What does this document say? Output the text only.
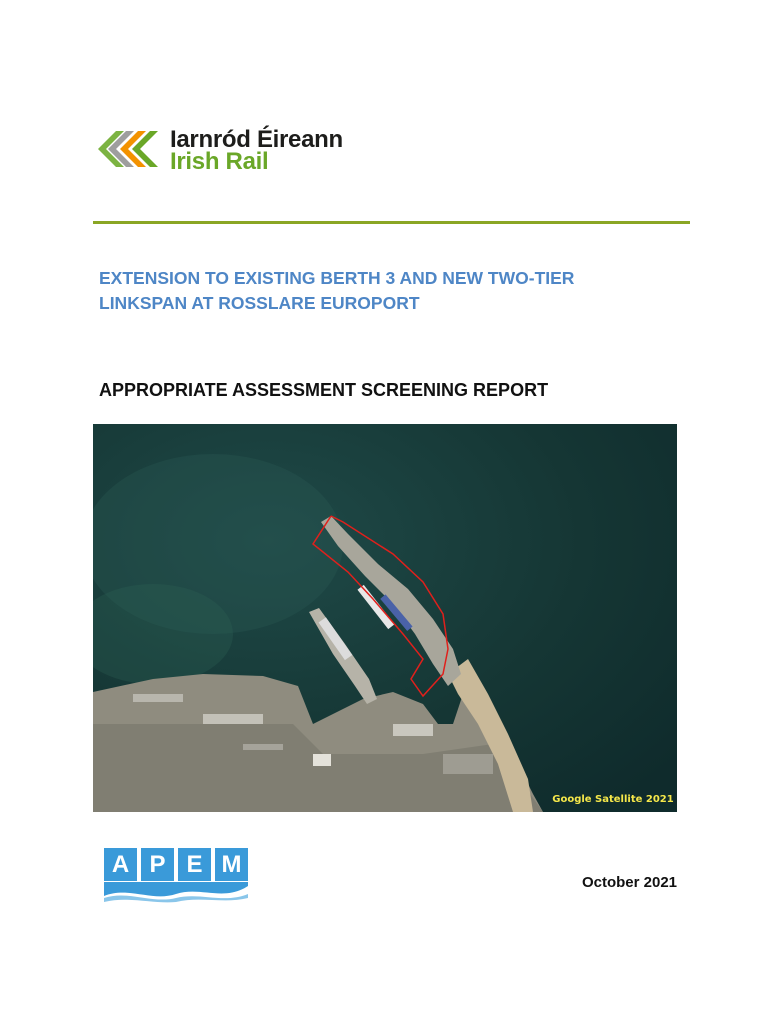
Iarnród Éireann
Irish Rail
EXTENSION TO EXISTING BERTH 3 AND NEW TWO-TIER
LINKSPAN AT ROSSLARE EUROPORT
APPROPRIATE ASSESSMENT SCREENING REPORT
Google Satellite 2021
A P E M
October 2021
